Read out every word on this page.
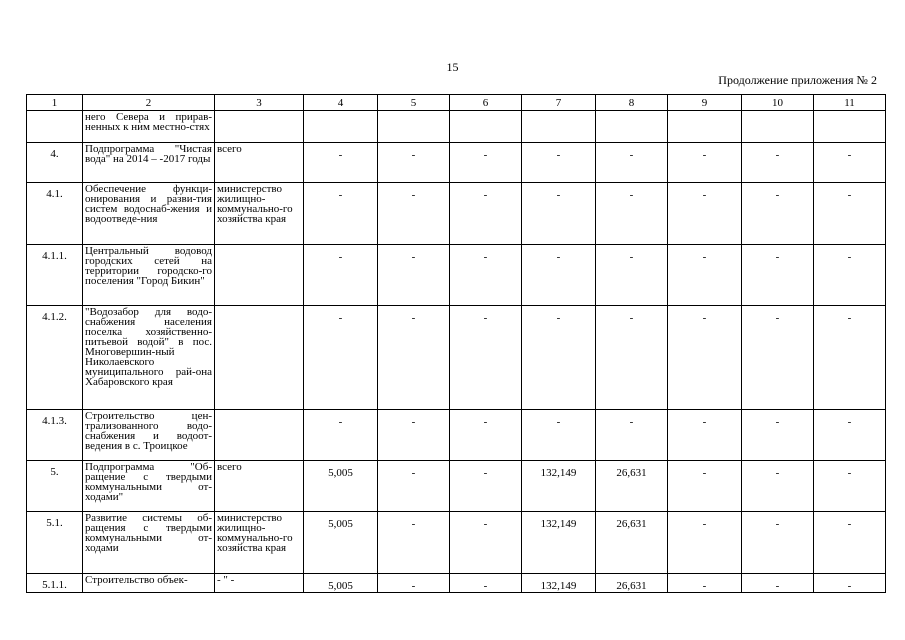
15
Продолжение приложения № 2
1	2	3	4	5	6	7	8	9	10	11
	него Севера и прирав-ненных к ним местно-стях									
4.	Подпрограмма "Чистая вода" на 2014 – -2017 годы	всего	-	-	-	-	-	-	-	-
4.1.	Обеспечение функци-онирования и разви-тия систем водоснаб-жения и водоотведе-ния	министерство жилищно-коммунально-го хозяйства края	-	-	-	-	-	-	-	-
4.1.1.	Центральный водовод городских сетей на территории городско-го поселения "Город Бикин"		-	-	-	-	-	-	-	-
4.1.2.	"Водозабор для водо-снабжения населения поселка хозяйственно-питьевой водой" в пос. Многовершин-ный Николаевского муниципального рай-она Хабаровского края		-	-	-	-	-	-	-	-
4.1.3.	Строительство цен-трализованного водо-снабжения и водоот-ведения в с. Троицкое		-	-	-	-	-	-	-	-
5.	Подпрограмма "Об-ращение с твердыми коммунальными от-ходами"	всего	5,005	-	-	132,149	26,631	-	-	-
5.1.	Развитие системы об-ращения с твердыми коммунальными от-ходами	министерство жилищно-коммунально-го хозяйства края	5,005	-	-	132,149	26,631	-	-	-
5.1.1.	Строительство объек-	- " -	5,005	-	-	132,149	26,631	-	-	-
